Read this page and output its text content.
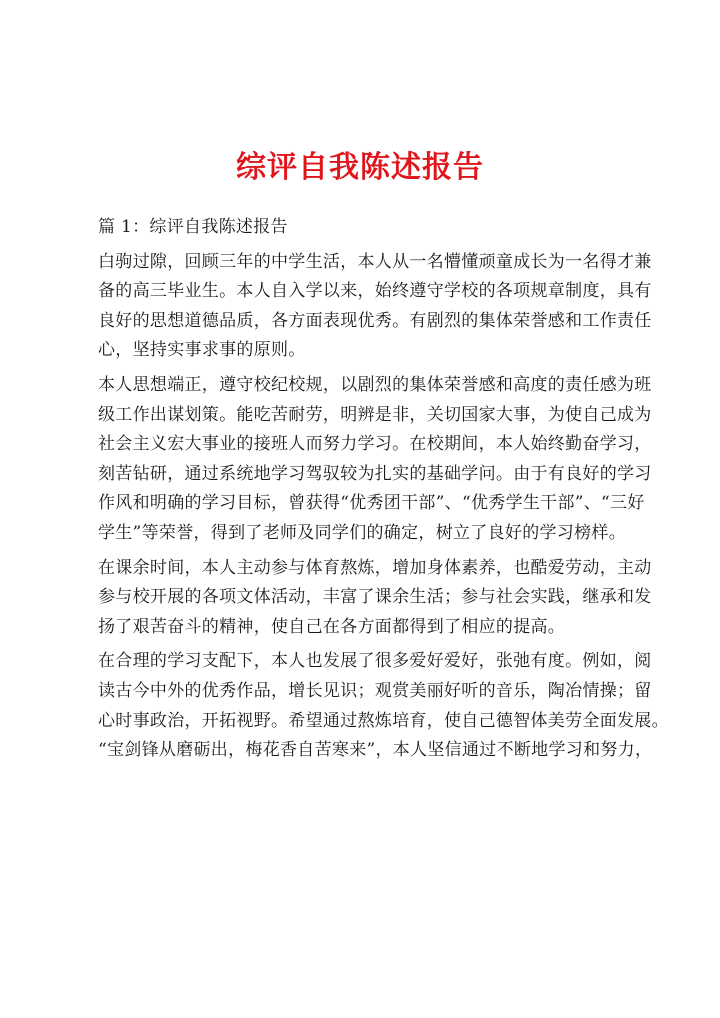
综评自我陈述报告
篇 1：综评自我陈述报告
白驹过隙，回顾三年的中学生活，本人从一名懵懂顽童成长为一名得才兼
备的高三毕业生。本人自入学以来，始终遵守学校的各项规章制度，具有
良好的思想道德品质，各方面表现优秀。有剧烈的集体荣誉感和工作责任
心，坚持实事求事的原则。
本人思想端正，遵守校纪校规，以剧烈的集体荣誉感和高度的责任感为班
级工作出谋划策。能吃苦耐劳，明辨是非，关切国家大事，为使自己成为
社会主义宏大事业的接班人而努力学习。在校期间，本人始终勤奋学习，
刻苦钻研，通过系统地学习驾驭较为扎实的基础学问。由于有良好的学习
作风和明确的学习目标，曾获得“优秀团干部”、“优秀学生干部”、“三好
学生”等荣誉，得到了老师及同学们的确定，树立了良好的学习榜样。
在课余时间，本人主动参与体育熬炼，增加身体素养，也酷爱劳动，主动
参与校开展的各项文体活动，丰富了课余生活；参与社会实践，继承和发
扬了艰苦奋斗的精神，使自己在各方面都得到了相应的提高。
在合理的学习支配下，本人也发展了很多爱好爱好，张弛有度。例如，阅
读古今中外的优秀作品，增长见识；观赏美丽好听的音乐，陶冶情操；留
心时事政治，开拓视野。希望通过熬炼培育，使自己德智体美劳全面发展。
“宝剑锋从磨砺出，梅花香自苦寒来”，本人坚信通过不断地学习和努力，
